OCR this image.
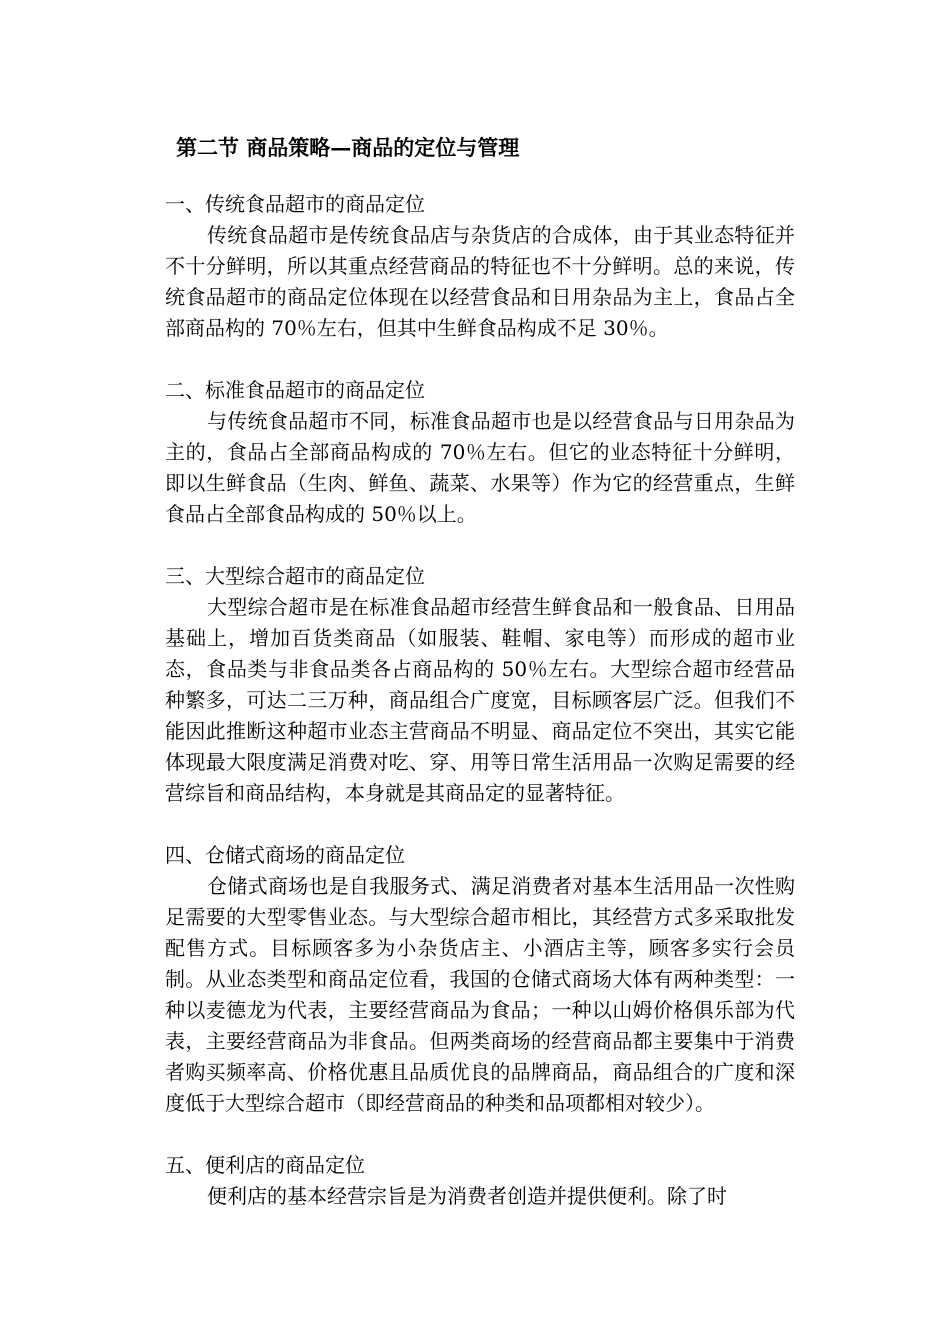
第二节 商品策略—商品的定位与管理

一、传统食品超市的商品定位

传统食品超市是传统食品店与杂货店的合成体，由于其业态特征并不十分鲜明，所以其重点经营商品的特征也不十分鲜明。总的来说，传统食品超市的商品定位体现在以经营食品和日用杂品为主上，食品占全部商品构的 70％左右，但其中生鲜食品构成不足 30％。

二、标准食品超市的商品定位

与传统食品超市不同，标准食品超市也是以经营食品与日用杂品为主的，食品占全部商品构成的 70％左右。但它的业态特征十分鲜明，即以生鲜食品（生肉、鲜鱼、蔬菜、水果等）作为它的经营重点，生鲜食品占全部食品构成的 50％以上。

三、大型综合超市的商品定位

大型综合超市是在标准食品超市经营生鲜食品和一般食品、日用品基础上，增加百货类商品（如服装、鞋帽、家电等）而形成的超市业态，食品类与非食品类各占商品构的 50％左右。大型综合超市经营品种繁多，可达二三万种，商品组合广度宽，目标顾客层广泛。但我们不能因此推断这种超市业态主营商品不明显、商品定位不突出，其实它能体现最大限度满足消费对吃、穿、用等日常生活用品一次购足需要的经营综旨和商品结构，本身就是其商品定的显著特征。

四、仓储式商场的商品定位

仓储式商场也是自我服务式、满足消费者对基本生活用品一次性购足需要的大型零售业态。与大型综合超市相比，其经营方式多采取批发配售方式。目标顾客多为小杂货店主、小酒店主等，顾客多实行会员制。从业态类型和商品定位看，我国的仓储式商场大体有两种类型：一种以麦德龙为代表，主要经营商品为食品；一种以山姆价格俱乐部为代表，主要经营商品为非食品。但两类商场的经营商品都主要集中于消费者购买频率高、价格优惠且品质优良的品牌商品，商品组合的广度和深度低于大型综合超市（即经营商品的种类和品项都相对较少）。

五、便利店的商品定位

便利店的基本经营宗旨是为消费者创造并提供便利。除了时
